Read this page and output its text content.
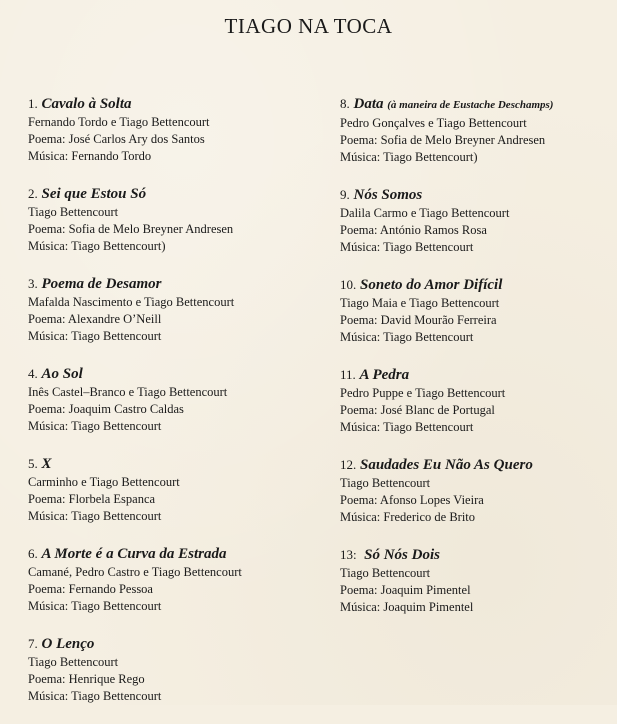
TIAGO NA TOCA
1. Cavalo à Solta
Fernando Tordo e Tiago Bettencourt
Poema: José Carlos Ary dos Santos
Música: Fernando Tordo
2. Sei que Estou Só
Tiago Bettencourt
Poema: Sofia de Melo Breyner Andresen
Música: Tiago Bettencourt)
3. Poema de Desamor
Mafalda Nascimento e Tiago Bettencourt
Poema: Alexandre O’Neill
Música: Tiago Bettencourt
4. Ao Sol
Inês Castel–Branco e Tiago Bettencourt
Poema: Joaquim Castro Caldas
Música: Tiago Bettencourt
5. X
Carminho e Tiago Bettencourt
Poema: Florbela Espanca
Música: Tiago Bettencourt
6. A Morte é a Curva da Estrada
Camané, Pedro Castro e Tiago Bettencourt
Poema: Fernando Pessoa
Música: Tiago Bettencourt
7. O Lenço
Tiago Bettencourt
Poema: Henrique Rego
Música: Tiago Bettencourt
8. Data (à maneira de Eustache Deschamps)
Pedro Gonçalves e Tiago Bettencourt
Poema: Sofia de Melo Breyner Andresen
Música: Tiago Bettencourt)
9. Nós Somos
Dalila Carmo e Tiago Bettencourt
Poema: António Ramos Rosa
Música: Tiago Bettencourt
10. Soneto do Amor Difícil
Tiago Maia e Tiago Bettencourt
Poema: David Mourão Ferreira
Música: Tiago Bettencourt
11. A Pedra
Pedro Puppe e Tiago Bettencourt
Poema: José Blanc de Portugal
Música: Tiago Bettencourt
12. Saudades Eu Não As Quero
Tiago Bettencourt
Poema: Afonso Lopes Vieira
Música: Frederico de Brito
13: Só Nós Dois
Tiago Bettencourt
Poema: Joaquim Pimentel
Música: Joaquim Pimentel
